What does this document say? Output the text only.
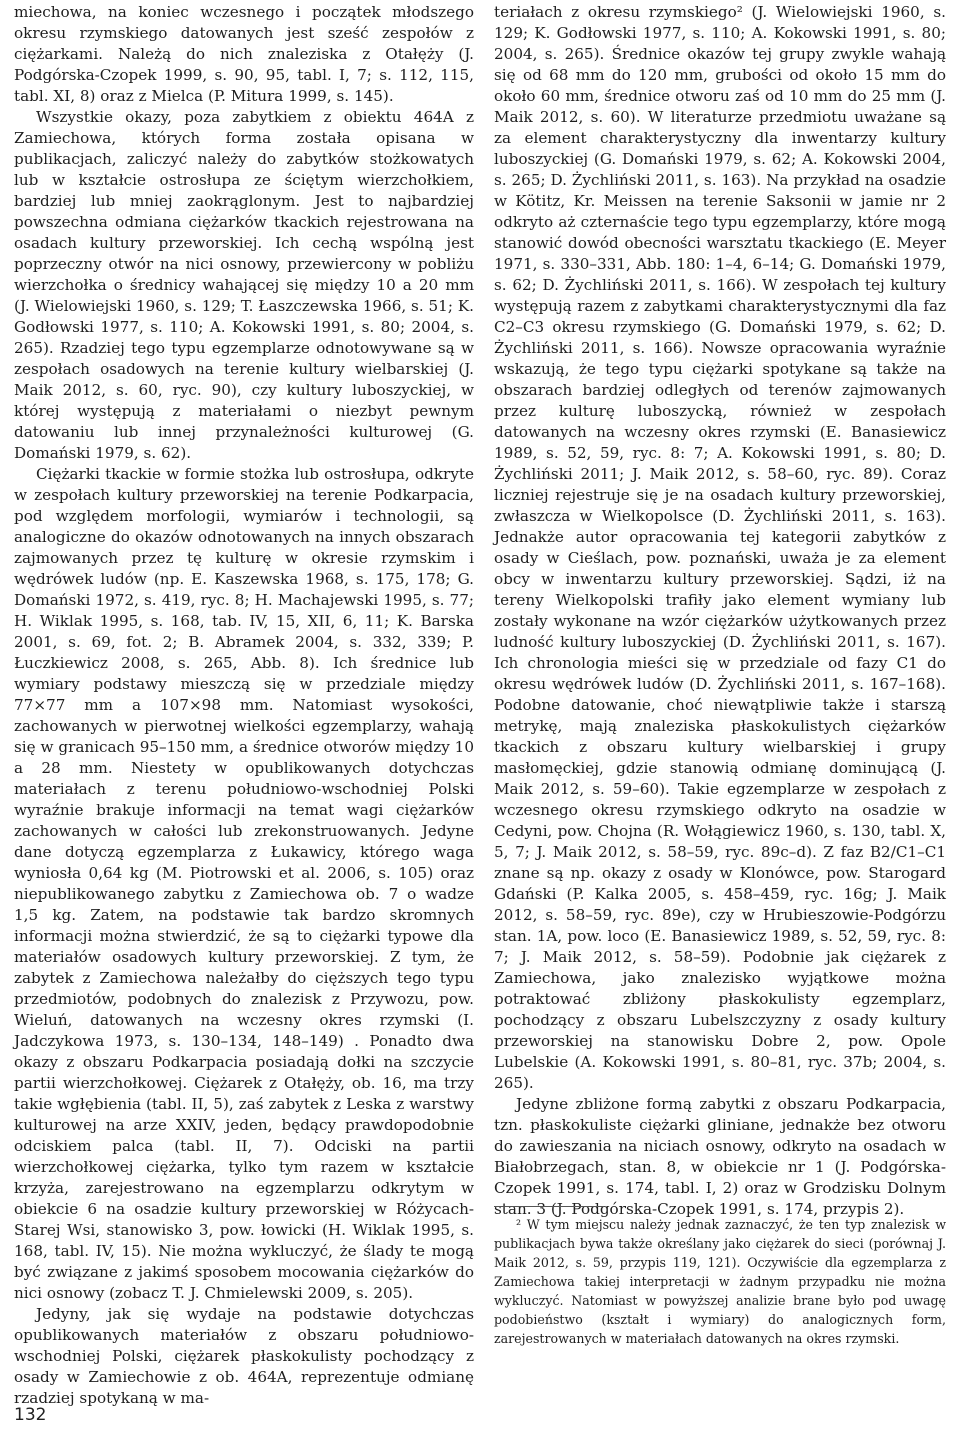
miechowa, na koniec wczesnego i początek młodszego okresu rzymskiego datowanych jest sześć zespołów z ciężarkami. Należą do nich znaleziska z Otałęży (J. Podgórska-Czopek 1999, s. 90, 95, tabl. I, 7; s. 112, 115, tabl. XI, 8) oraz z Mielca (P. Mitura 1999, s. 145).

Wszystkie okazy, poza zabytkiem z obiektu 464A z Zamiechowa, których forma została opisana w publikacjach, zaliczyć należy do zabytków stożkowatych lub w kształcie ostrosłupa ze ściętym wierzchołkiem, bardziej lub mniej zaokrąglonym. Jest to najbardziej powszechna odmiana ciężarków tkackich rejestrowana na osadach kultury przeworskiej. Ich cechą wspólną jest poprzeczny otwór na nici osnowy, przewiercony w pobliżu wierzchołka o średnicy wahającej się między 10 a 20 mm (J. Wielowiejski 1960, s. 129; T. Łaszczewska 1966, s. 51; K. Godłowski 1977, s. 110; A. Kokowski 1991, s. 80; 2004, s. 265). Rzadziej tego typu egzemplarze odnotowywane są w zespołach osadowych na terenie kultury wielbarskiej (J. Maik 2012, s. 60, ryc. 90), czy kultury luboszyckiej, w której występują z materiałami o niezbyt pewnym datowaniu lub innej przynależności kulturowej (G. Domański 1979, s. 62).

Ciężarki tkackie w formie stożka lub ostrosłupa, odkryte w zespołach kultury przeworskiej na terenie Podkarpacia, pod względem morfologii, wymiarów i technologii, są analogiczne do okazów odnotowanych na innych obszarach zajmowanych przez tę kulturę w okresie rzymskim i wędrówek ludów (np. E. Kaszewska 1968, s. 175, 178; G. Domański 1972, s. 419, ryc. 8; H. Machajewski 1995, s. 77; H. Wiklak 1995, s. 168, tab. IV, 15, XII, 6, 11; K. Barska 2001, s. 69, fot. 2; B. Abramek 2004, s. 332, 339; P. Łuczkiewicz 2008, s. 265, Abb. 8). Ich średnice lub wymiary podstawy mieszczą się w przedziale między 77×77 mm a 107×98 mm. Natomiast wysokości, zachowanych w pierwotnej wielkości egzemplarzy, wahają się w granicach 95–150 mm, a średnice otworów między 10 a 28 mm. Niestety w opublikowanych dotychczas materiałach z terenu południowo-wschodniej Polski wyraźnie brakuje informacji na temat wagi ciężarków zachowanych w całości lub zrekonstruowanych. Jedyne dane dotyczą egzemplarza z Łukawicy, którego waga wyniosła 0,64 kg (M. Piotrowski et al. 2006, s. 105) oraz niepublikowanego zabytku z Zamiechowa ob. 7 o wadze 1,5 kg. Zatem, na podstawie tak bardzo skromnych informacji można stwierdzić, że są to ciężarki typowe dla materiałów osadowych kultury przeworskiej. Z tym, że zabytek z Zamiechowa należałby do cięższych tego typu przedmiotów, podobnych do znalezisk z Przywozu, pow. Wieluń, datowanych na wczesny okres rzymski (I. Jadczykowa 1973, s. 130–134, 148–149) . Ponadto dwa okazy z obszaru Podkarpacia posiadają dołki na szczycie partii wierzchołkowej. Ciężarek z Otałęży, ob. 16, ma trzy takie wgłębienia (tabl. II, 5), zaś zabytek z Leska z warstwy kulturowej na arze XXIV, jeden, będący prawdopodobnie odciskiem palca (tabl. II, 7). Odciski na partii wierzchołkowej ciężarka, tylko tym razem w kształcie krzyża, zarejestrowano na egzemplarzu odkrytym w obiekcie 6 na osadzie kultury przeworskiej w Różycach-Starej Wsi, stanowisko 3, pow. łowicki (H. Wiklak 1995, s. 168, tabl. IV, 15). Nie można wykluczyć, że ślady te mogą być związane z jakimś sposobem mocowania ciężarków do nici osnowy (zobacz T. J. Chmielewski 2009, s. 205).

Jedyny, jak się wydaje na podstawie dotychczas opublikowanych materiałów z obszaru południowo-wschodniej Polski, ciężarek płaskokulisty pochodzący z osady w Zamiechowie z ob. 464A, reprezentuje odmianę rzadziej spotykaną w ma-

teriałach z okresu rzymskiego² (J. Wielowiejski 1960, s. 129; K. Godłowski 1977, s. 110; A. Kokowski 1991, s. 80; 2004, s. 265). Średnice okazów tej grupy zwykle wahają się od 68 mm do 120 mm, grubości od około 15 mm do około 60 mm, średnice otworu zaś od 10 mm do 25 mm (J. Maik 2012, s. 60). W literaturze przedmiotu uważane są za element charakterystyczny dla inwentarzy kultury luboszyckiej (G. Domański 1979, s. 62; A. Kokowski 2004, s. 265; D. Żychliński 2011, s. 163). Na przykład na osadzie w Kötitz, Kr. Meissen na terenie Saksonii w jamie nr 2 odkryto aż czternaście tego typu egzemplarzy, które mogą stanowić dowód obecności warsztatu tkackiego (E. Meyer 1971, s. 330–331, Abb. 180: 1–4, 6–14; G. Domański 1979, s. 62; D. Żychliński 2011, s. 166). W zespołach tej kultury występują razem z zabytkami charakterystycznymi dla faz C2–C3 okresu rzymskiego (G. Domański 1979, s. 62; D. Żychliński 2011, s. 166). Nowsze opracowania wyraźnie wskazują, że tego typu ciężarki spotykane są także na obszarach bardziej odległych od terenów zajmowanych przez kulturę luboszycką, również w zespołach datowanych na wczesny okres rzymski (E. Banasiewicz 1989, s. 52, 59, ryc. 8: 7; A. Kokowski 1991, s. 80; D. Żychliński 2011; J. Maik 2012, s. 58–60, ryc. 89). Coraz liczniej rejestruje się je na osadach kultury przeworskiej, zwłaszcza w Wielkopolsce (D. Żychliński 2011, s. 163). Jednakże autor opracowania tej kategorii zabytków z osady w Cieślach, pow. poznański, uważa je za element obcy w inwentarzu kultury przeworskiej. Sądzi, iż na tereny Wielkopolski trafiły jako element wymiany lub zostały wykonane na wzór ciężarków użytkowanych przez ludność kultury luboszyckiej (D. Żychliński 2011, s. 167). Ich chronologia mieści się w przedziale od fazy C1 do okresu wędrówek ludów (D. Żychliński 2011, s. 167–168). Podobne datowanie, choć niewątpliwie także i starszą metrykę, mają znaleziska płaskokulistych ciężarków tkackich z obszaru kultury wielbarskiej i grupy masłomęckiej, gdzie stanowią odmianę dominującą (J. Maik 2012, s. 59–60). Takie egzemplarze w zespołach z wczesnego okresu rzymskiego odkryto na osadzie w Cedyni, pow. Chojna (R. Wołągiewicz 1960, s. 130, tabl. X, 5, 7; J. Maik 2012, s. 58–59, ryc. 89c–d). Z faz B2/C1–C1 znane są np. okazy z osady w Klonówce, pow. Starogard Gdański (P. Kalka 2005, s. 458–459, ryc. 16g; J. Maik 2012, s. 58–59, ryc. 89e), czy w Hrubieszowie-Podgórzu stan. 1A, pow. loco (E. Banasiewicz 1989, s. 52, 59, ryc. 8: 7; J. Maik 2012, s. 58–59). Podobnie jak ciężarek z Zamiechowa, jako znalezisko wyjątkowe można potraktować zbliżony płaskokulisty egzemplarz, pochodzący z obszaru Lubelszczyzny z osady kultury przeworskiej na stanowisku Dobre 2, pow. Opole Lubelskie (A. Kokowski 1991, s. 80–81, ryc. 37b; 2004, s. 265).

Jedyne zbliżone formą zabytki z obszaru Podkarpacia, tzn. płaskokuliste ciężarki gliniane, jednakże bez otworu do zawieszania na niciach osnowy, odkryto na osadach w Białobrzegach, stan. 8, w obiekcie nr 1 (J. Podgórska-Czopek 1991, s. 174, tabl. I, 2) oraz w Grodzisku Dolnym stan. 3 (J. Podgórska-Czopek 1991, s. 174, przypis 2).

² W tym miejscu należy jednak zaznaczyć, że ten typ znalezisk w publikacjach bywa także określany jako ciężarek do sieci (porównaj J. Maik 2012, s. 59, przypis 119, 121). Oczywiście dla egzemplarza z Zamiechowa takiej interpretacji w żadnym przypadku nie można wykluczyć. Natomiast w powyższej analizie brane było pod uwagę podobieństwo (kształt i wymiary) do analogicznych form, zarejestrowanych w materiałach datowanych na okres rzymski.

132
